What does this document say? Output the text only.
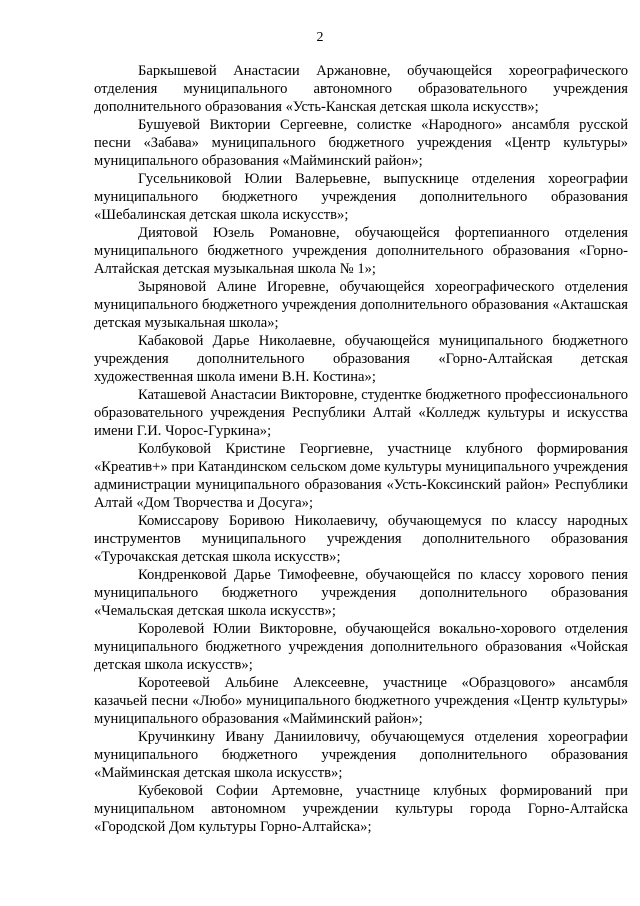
2

Баркышевой Анастасии Аржановне, обучающейся хореографического отделения муниципального автономного образовательного учреждения дополнительного образования «Усть-Канская детская школа искусств»;

Бушуевой Виктории Сергеевне, солистке «Народного» ансамбля русской песни «Забава» муниципального бюджетного учреждения «Центр культуры» муниципального образования «Майминский район»;

Гусельниковой Юлии Валерьевне, выпускнице отделения хореографии муниципального бюджетного учреждения дополнительного образования «Шебалинская детская школа искусств»;

Диятовой Юзель Романовне, обучающейся фортепианного отделения муниципального бюджетного учреждения дополнительного образования «Горно-Алтайская детская музыкальная школа № 1»;

Зыряновой Алине Игоревне, обучающейся хореографического отделения муниципального бюджетного учреждения дополнительного образования «Акташская детская музыкальная школа»;

Кабаковой Дарье Николаевне, обучающейся муниципального бюджетного учреждения дополнительного образования «Горно-Алтайская детская художественная школа имени В.Н. Костина»;

Каташевой Анастасии Викторовне, студентке бюджетного профессионального образовательного учреждения Республики Алтай «Колледж культуры и искусства имени Г.И. Чорос-Гуркина»;

Колбуковой Кристине Георгиевне, участнице клубного формирования «Креатив+» при Катандинском сельском доме культуры муниципального учреждения администрации муниципального образования «Усть-Коксинский район» Республики Алтай «Дом Творчества и Досуга»;

Комиссарову Боривою Николаевичу, обучающемуся по классу народных инструментов муниципального учреждения дополнительного образования «Турочакская детская школа искусств»;

Кондренковой Дарье Тимофеевне, обучающейся по классу хорового пения муниципального бюджетного учреждения дополнительного образования «Чемальская детская школа искусств»;

Королевой Юлии Викторовне, обучающейся вокально-хорового отделения муниципального бюджетного учреждения дополнительного образования «Чойская детская школа искусств»;

Коротеевой Альбине Алексеевне, участнице «Образцового» ансамбля казачьей песни «Любо» муниципального бюджетного учреждения «Центр культуры» муниципального образования «Майминский район»;

Кручинкину Ивану Данииловичу, обучающемуся отделения хореографии муниципального бюджетного учреждения дополнительного образования «Майминская детская школа искусств»;

Кубековой Софии Артемовне, участнице клубных формирований при муниципальном автономном учреждении культуры города Горно-Алтайска «Городской Дом культуры Горно-Алтайска»;
